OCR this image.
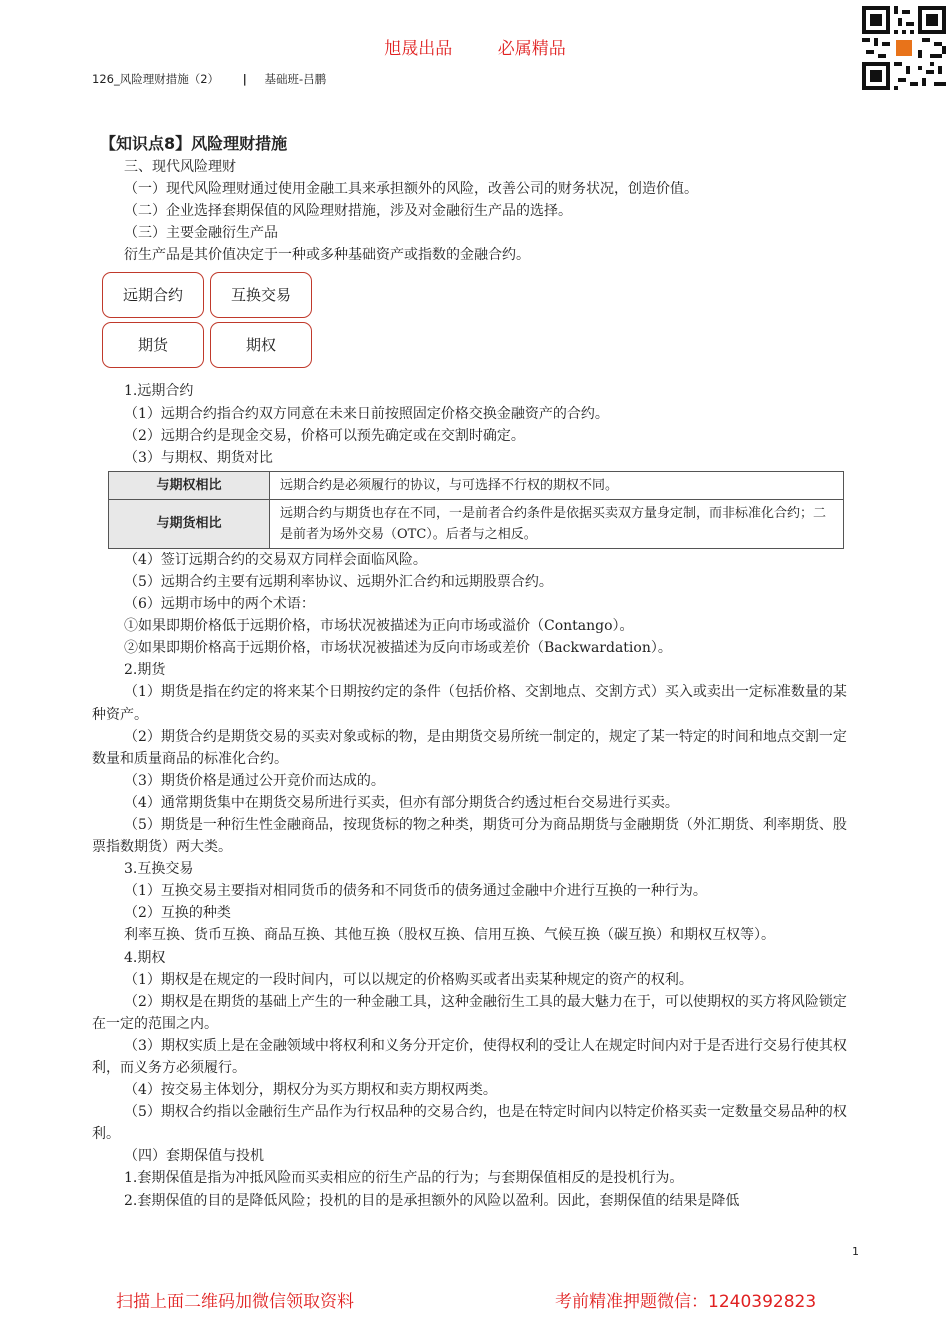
旭晟出品	必属精品
126_风险理财措施（2） | 基础班-吕鹏
【知识点8】风险理财措施

三、现代风险理财

（一）现代风险理财通过使用金融工具来承担额外的风险，改善公司的财务状况，创造价值。

（二）企业选择套期保值的风险理财措施，涉及对金融衍生产品的选择。

（三）主要金融衍生产品

衍生产品是其价值决定于一种或多种基础资产或指数的金融合约。

远期合约	互换交易
期货	期权

1.远期合约

（1）远期合约指合约双方同意在未来日前按照固定价格交换金融资产的合约。

（2）远期合约是现金交易，价格可以预先确定或在交割时确定。

（3）与期权、期货对比

与期权相比	远期合约是必须履行的协议，与可选择不行权的期权不同。
与期货相比	远期合约与期货也存在不同，一是前者合约条件是依据买卖双方量身定制，而非标准化合约；二是前者为场外交易（OTC）。后者与之相反。

（4）签订远期合约的交易双方同样会面临风险。

（5）远期合约主要有远期利率协议、远期外汇合约和远期股票合约。

（6）远期市场中的两个术语：

①如果即期价格低于远期价格，市场状况被描述为正向市场或溢价（Contango）。

②如果即期价格高于远期价格，市场状况被描述为反向市场或差价（Backwardation）。

2.期货

（1）期货是指在约定的将来某个日期按约定的条件（包括价格、交割地点、交割方式）买入或卖出一定标准数量的某种资产。

（2）期货合约是期货交易的买卖对象或标的物，是由期货交易所统一制定的，规定了某一特定的时间和地点交割一定数量和质量商品的标准化合约。

（3）期货价格是通过公开竞价而达成的。

（4）通常期货集中在期货交易所进行买卖，但亦有部分期货合约透过柜台交易进行买卖。

（5）期货是一种衍生性金融商品，按现货标的物之种类，期货可分为商品期货与金融期货（外汇期货、利率期货、股票指数期货）两大类。

3.互换交易

（1）互换交易主要指对相同货币的债务和不同货币的债务通过金融中介进行互换的一种行为。

（2）互换的种类

利率互换、货币互换、商品互换、其他互换（股权互换、信用互换、气候互换（碳互换）和期权互权等）。

4.期权

（1）期权是在规定的一段时间内，可以以规定的价格购买或者出卖某种规定的资产的权利。

（2）期权是在期货的基础上产生的一种金融工具，这种金融衍生工具的最大魅力在于，可以使期权的买方将风险锁定在一定的范围之内。

（3）期权实质上是在金融领域中将权利和义务分开定价，使得权利的受让人在规定时间内对于是否进行交易行使其权利，而义务方必须履行。

（4）按交易主体划分，期权分为买方期权和卖方期权两类。

（5）期权合约指以金融衍生产品作为行权品种的交易合约，也是在特定时间内以特定价格买卖一定数量交易品种的权利。

（四）套期保值与投机

1.套期保值是指为冲抵风险而买卖相应的衍生产品的行为；与套期保值相反的是投机行为。

2.套期保值的目的是降低风险；投机的目的是承担额外的风险以盈利。因此，套期保值的结果是降低

1
扫描上面二维码加微信领取资料	考前精准押题微信：1240392823
